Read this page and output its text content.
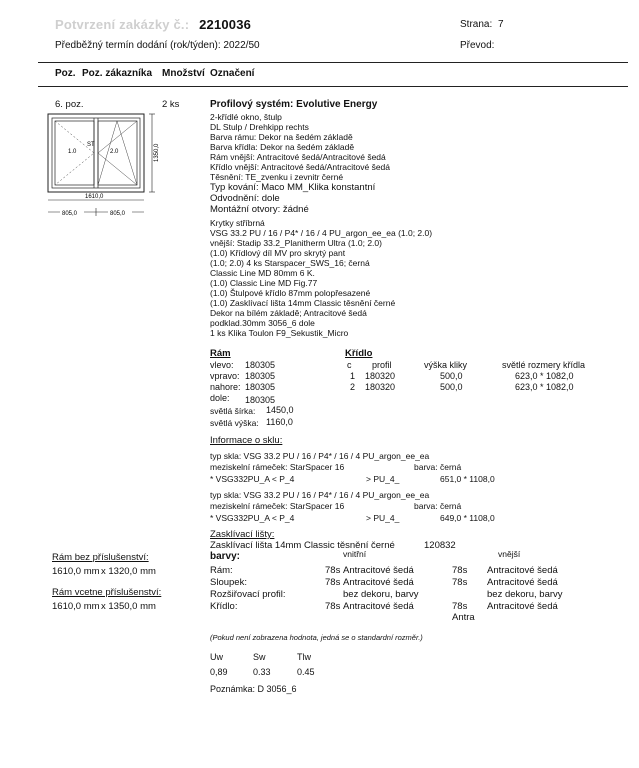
Potvrzení zakázky č.: 2210036	Strana: 7
Předběžný termín dodání (rok/týden): 2022/50	Převod:
Poz. Poz. zákazníka Množství Označení
6. poz.	2 ks
1.0
ST
2.0	1350,0
1610,0
805,0	805,0
Profilový systém: Evolutive Energy
2-křídlé okno, štulp
DL Stulp / Drehkipp rechts
Barva rámu: Dekor na šedém základě
Barva křídla: Dekor na šedém základě
Rám vnější: Antracitové šedá/Antracitové šedá
Křídlo vnější: Antracitové šedá/Antracitové šedá
Těsnění: TE_zvenku i zevnitr černé
Typ kování: Maco MM_Klika konstantní
Odvodnění: dole
Montážní otvory: žádné
Krytky stříbrná
VSG 33.2 PU / 16 / P4* / 16 / 4 PU_argon_ee_ea (1.0; 2.0)
vnější: Stadip 33.2_Planitherm Ultra (1.0; 2.0)
(1.0) Křídlový díl MV pro skrytý pant
(1.0; 2.0) 4 ks Starspacer_SWS_16; černá
Classic Line MD 80mm 6 K.
(1.0) Classic Line MD Fig.77
(1.0) Štulpové křídlo 87mm polopřesazené
(1.0) Zasklívací lišta 14mm Classic těsnění černé
Dekor na bílém základě; Antracitové šedá
podklad.30mm 3056_6 dole
1 ks Klika Toulon F9_Sekustik_Micro
Rám
vlevo: 180305
vpravo: 180305
nahore: 180305
dole: 180305
světlá šírka: 1450,0
světlá výška: 1160,0
Křídlo
c profil	výška kliky	světlé rozmery křídla
1 180320	500,0	623,0 * 1082,0
2 180320	500,0	623,0 * 1082,0
Informace o sklu:
typ skla: VSG 33.2 PU / 16 / P4* / 16 / 4 PU_argon_ee_ea
meziskelní rámeček: StarSpacer 16	barva: černá
* VSG332PU_A < P_4	> PU_4_	651,0 * 1108,0
typ skla: VSG 33.2 PU / 16 / P4* / 16 / 4 PU_argon_ee_ea
meziskelní rámeček: StarSpacer 16	barva: černá
* VSG332PU_A < P_4	> PU_4_	649,0 * 1108,0
Zasklívací lišty:
Zasklívací lišta 14mm Classic těsnění černé	120832
barvy:	vnitřní	vnější
Rám:	78s Antracitové šedá	78s Antracitové šedá
Sloupek:	78s Antracitové šedá	78s Antracitové šedá
Rozšiřovací profil:	bez dekoru, barvy	bez dekoru, barvy
Křídlo:	78s Antracitové šedá	78s Antracitové šedá
Antra
Rám bez příslušenství:
1610,0 mm x 1320,0 mm
Rám vcetne příslušenství:
1610,0 mm x 1350,0 mm
(Pokud není zobrazena hodnota, jedná se o standardní rozměr.)
Uw	Sw	Tlw
0,89	0.33	0.45
Poznámka: D 3056_6
